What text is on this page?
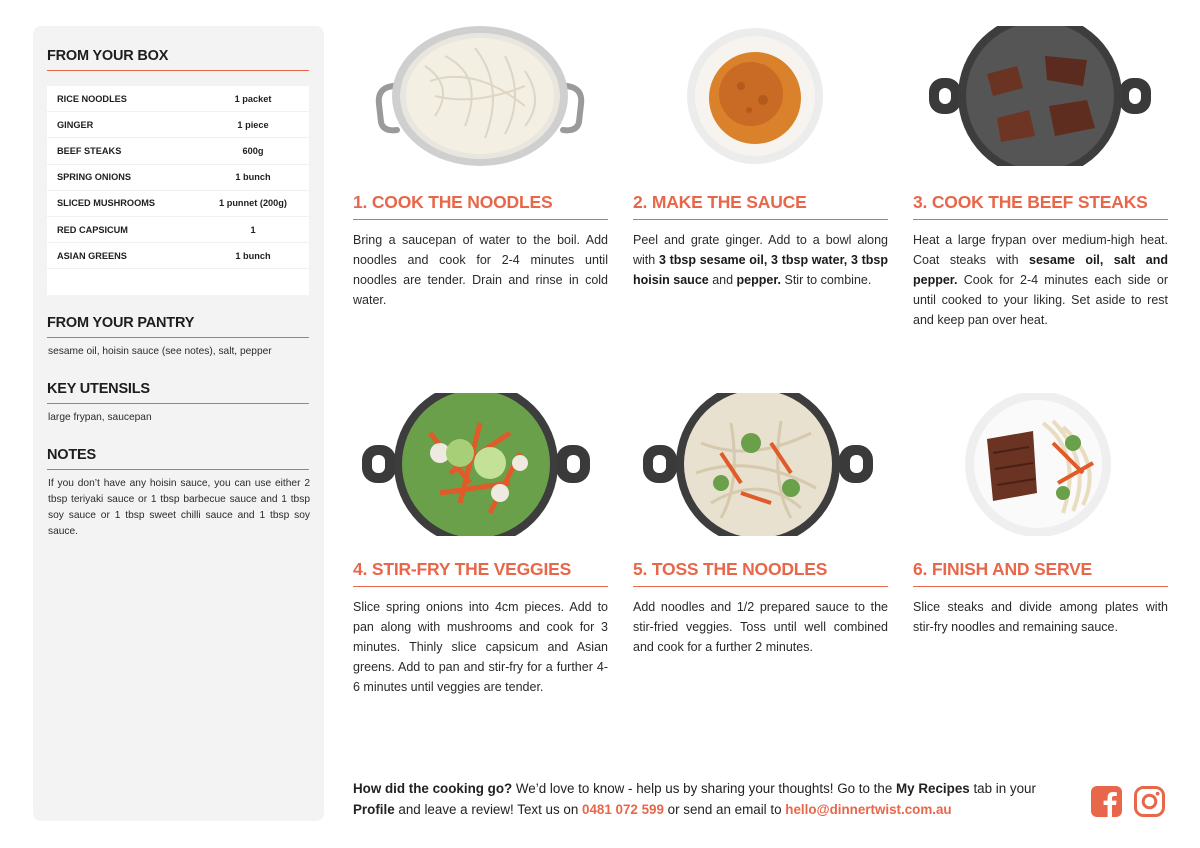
FROM YOUR BOX
RICE NOODLES	1 packet
GINGER	1 piece
BEEF STEAKS	600g
SPRING ONIONS	1 bunch
SLICED MUSHROOMS	1 punnet (200g)
RED CAPSICUM	1
ASIAN GREENS	1 bunch
FROM YOUR PANTRY
sesame oil, hoisin sauce (see notes), salt, pepper
KEY UTENSILS
large frypan, saucepan
NOTES
If you don’t have any hoisin sauce, you can use either 2 tbsp teriyaki sauce or 1 tbsp barbecue sauce and 1 tbsp soy sauce or 1 tbsp sweet chilli sauce and 1 tbsp soy sauce.
1. COOK THE NOODLES
Bring a saucepan of water to the boil. Add noodles and cook for 2-4 minutes until noodles are tender. Drain and rinse in cold water.
2. MAKE THE SAUCE
Peel and grate ginger. Add to a bowl along with 3 tbsp sesame oil, 3 tbsp water, 3 tbsp hoisin sauce and pepper. Stir to combine.
3. COOK THE BEEF STEAKS
Heat a large frypan over medium-high heat. Coat steaks with sesame oil, salt and pepper. Cook for 2-4 minutes each side or until cooked to your liking. Set aside to rest and keep pan over heat.
4. STIR-FRY THE VEGGIES
Slice spring onions into 4cm pieces. Add to pan along with mushrooms and cook for 3 minutes. Thinly slice capsicum and Asian greens. Add to pan and stir-fry for a further 4-6 minutes until veggies are tender.
5. TOSS THE NOODLES
Add noodles and 1/2 prepared sauce to the stir-fried veggies. Toss until well combined and cook for a further 2 minutes.
6. FINISH AND SERVE
Slice steaks and divide among plates with stir-fry noodles and remaining sauce.
How did the cooking go? We’d love to know - help us by sharing your thoughts! Go to the My Recipes tab in your Profile and leave a review! Text us on 0481 072 599 or send an email to hello@dinnertwist.com.au
